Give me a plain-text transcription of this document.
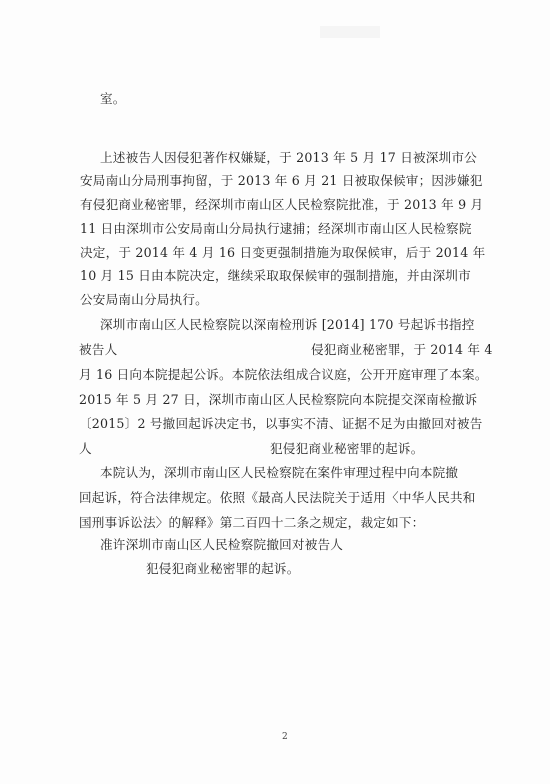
室。
上述被告人因侵犯著作权嫌疑，于 2013 年 5 月 17 日被深圳市公
安局南山分局刑事拘留，于 2013 年 6 月 21 日被取保候审；因涉嫌犯
有侵犯商业秘密罪，经深圳市南山区人民检察院批准，于 2013 年 9 月
11 日由深圳市公安局南山分局执行逮捕；经深圳市南山区人民检察院
决定，于 2014 年 4 月 16 日变更强制措施为取保候审，后于 2014 年
10 月 15 日由本院决定，继续采取取保候审的强制措施，并由深圳市
公安局南山分局执行。
深圳市南山区人民检察院以深南检刑诉 [2014] 170 号起诉书指控
被告人	侵犯商业秘密罪，于 2014 年 4
月 16 日向本院提起公诉。本院依法组成合议庭，公开开庭审理了本案。
2015 年 5 月 27 日，深圳市南山区人民检察院向本院提交深南检撤诉
〔2015〕2 号撤回起诉决定书，以事实不清、证据不足为由撤回对被告
人	犯侵犯商业秘密罪的起诉。
本院认为，深圳市南山区人民检察院在案件审理过程中向本院撤
回起诉，符合法律规定。依照《最高人民法院关于适用〈中华人民共和
国刑事诉讼法〉的解释》第二百四十二条之规定，裁定如下：
准许深圳市南山区人民检察院撤回对被告人
犯侵犯商业秘密罪的起诉。
2
